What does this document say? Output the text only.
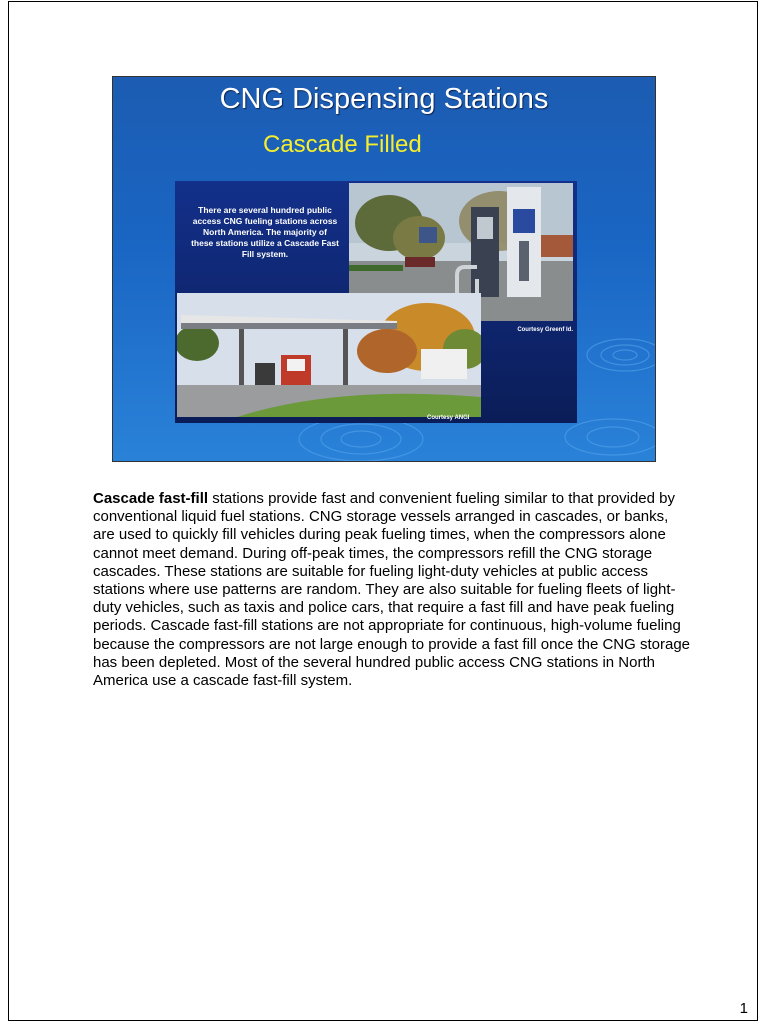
CNG Dispensing Stations
Cascade Filled
There are several hundred public access CNG fueling stations across North America. The majority of these stations utilize a Cascade Fast Fill system.
Courtesy Greenf Id.
Courtesy ANGI
Cascade fast-fill stations provide fast and convenient fueling similar to that provided by conventional liquid fuel stations. CNG storage vessels arranged in cascades, or banks, are used to quickly fill vehicles during peak fueling times, when the compressors alone cannot meet demand. During off-peak times, the compressors refill the CNG storage cascades. These stations are suitable for fueling light-duty vehicles at public access stations where use patterns are random. They are also suitable for fueling fleets of light-duty vehicles, such as taxis and police cars, that require a fast fill and have peak fueling periods. Cascade fast-fill stations are not appropriate for continuous, high-volume fueling because the compressors are not large enough to provide a fast fill once the CNG storage has been depleted. Most of the several hundred public access CNG stations in North America use a cascade fast-fill system.
1
